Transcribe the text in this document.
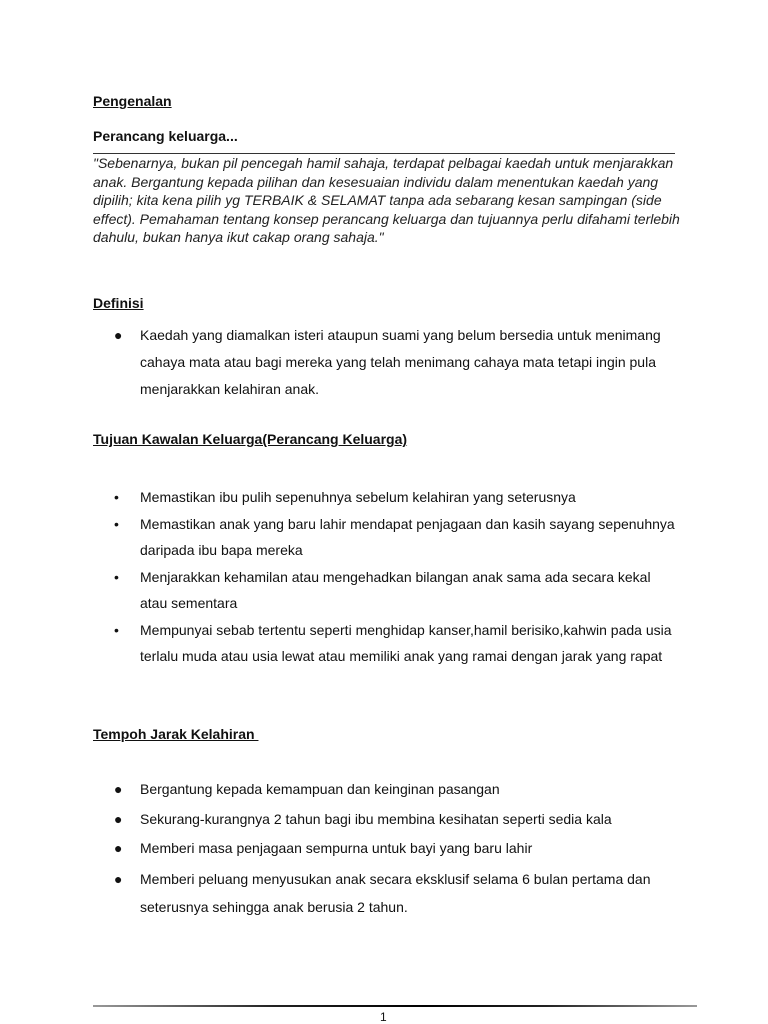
Pengenalan
Perancang keluarga...
"Sebenarnya, bukan pil pencegah hamil sahaja, terdapat pelbagai kaedah untuk menjarakkan anak. Bergantung kepada pilihan dan kesesuaian individu dalam menentukan kaedah yang dipilih; kita kena pilih yg TERBAIK & SELAMAT tanpa ada sebarang kesan sampingan (side effect). Pemahaman tentang konsep perancang keluarga dan tujuannya perlu difahami terlebih dahulu, bukan hanya ikut cakap orang sahaja."
Definisi
● Kaedah yang diamalkan isteri ataupun suami yang belum bersedia untuk menimang cahaya mata atau bagi mereka yang telah menimang cahaya mata tetapi ingin pula menjarakkan kelahiran anak.
Tujuan Kawalan Keluarga(Perancang Keluarga)
• Memastikan ibu pulih sepenuhnya sebelum kelahiran yang seterusnya
• Memastikan anak yang baru lahir mendapat penjagaan dan kasih sayang sepenuhnya daripada ibu bapa mereka
• Menjarakkan kehamilan atau mengehadkan bilangan anak sama ada secara kekal atau sementara
• Mempunyai sebab tertentu seperti menghidap kanser,hamil berisiko,kahwin pada usia terlalu muda atau usia lewat atau memiliki anak yang ramai dengan jarak yang rapat
Tempoh Jarak Kelahiran
● Bergantung kepada kemampuan dan keinginan pasangan
● Sekurang-kurangnya 2 tahun bagi ibu membina kesihatan seperti sedia kala
● Memberi masa penjagaan sempurna untuk bayi yang baru lahir
● Memberi peluang menyusukan anak secara eksklusif selama 6 bulan pertama dan seterusnya sehingga anak berusia 2 tahun.
1
